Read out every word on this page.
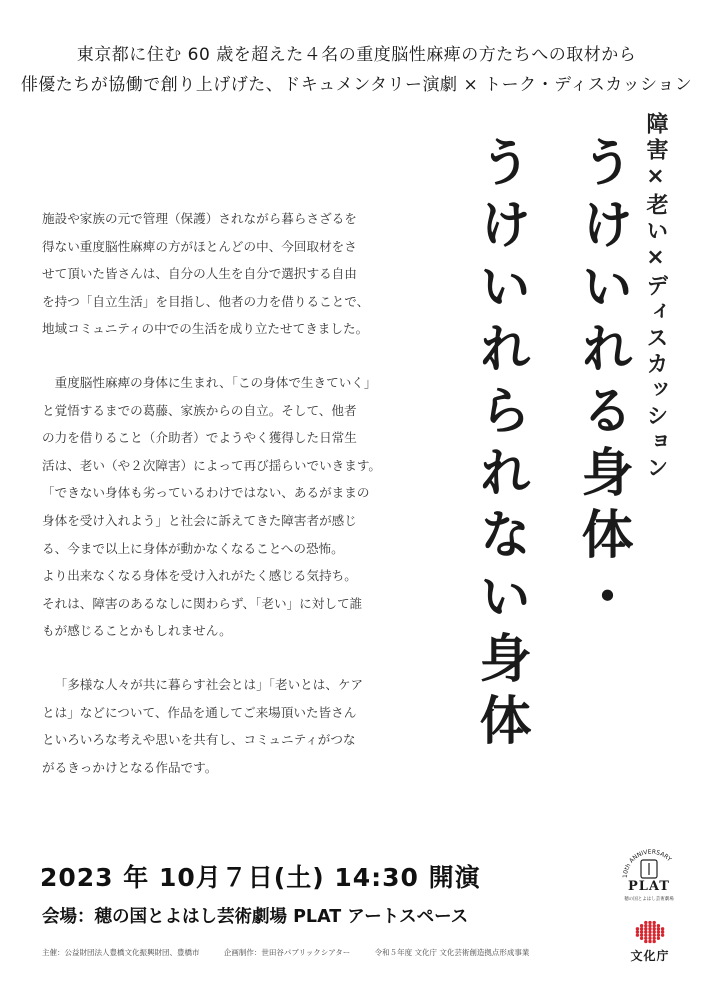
東京都に住む 60 歳を超えた４名の重度脳性麻痺の方たちへの取材から
俳優たちが協働で創り上げげた、ドキュメンタリー演劇 × トーク・ディスカッション
障害×老い×ディスカッション
うけいれる身体・
うけいれられない身体

施設や家族の元で管理（保護）されながら暮らさざるを
得ない重度脳性麻痺の方がほとんどの中、今回取材をさ
せて頂いた皆さんは、自分の人生を自分で選択する自由
を持つ「自立生活」を目指し、他者の力を借りることで、
地域コミュニティの中での生活を成り立たせてきました。

重度脳性麻痺の身体に生まれ、「この身体で生きていく」
と覚悟するまでの葛藤、家族からの自立。そして、他者
の力を借りること（介助者）でようやく獲得した日常生
活は、老い（や２次障害）によって再び揺らいでいきます。
「できない身体も劣っているわけではない、あるがままの
身体を受け入れよう」と社会に訴えてきた障害者が感じ
る、今まで以上に身体が動かなくなることへの恐怖。
より出来なくなる身体を受け入れがたく感じる気持ち。
それは、障害のあるなしに関わらず、「老い」に対して誰
もが感じることかもしれません。

「多様な人々が共に暮らす社会とは」「老いとは、ケア
とは」などについて、作品を通してご来場頂いた皆さん
といろいろな考えや思いを共有し、コミュニティがつな
がるきっかけとなる作品です。

2023 年 10月７日(土) 14:30 開演
会場：穂の国とよはし芸術劇場 PLAT アートスペース
主催：公益財団法人豊橋文化振興財団、豊橋市	企画制作：世田谷パブリックシアター	令和５年度 文化庁 文化芸術創造拠点形成事業
10th ANNIVERSARY
PLAT
穂の国とよはし芸術劇場
文化庁
